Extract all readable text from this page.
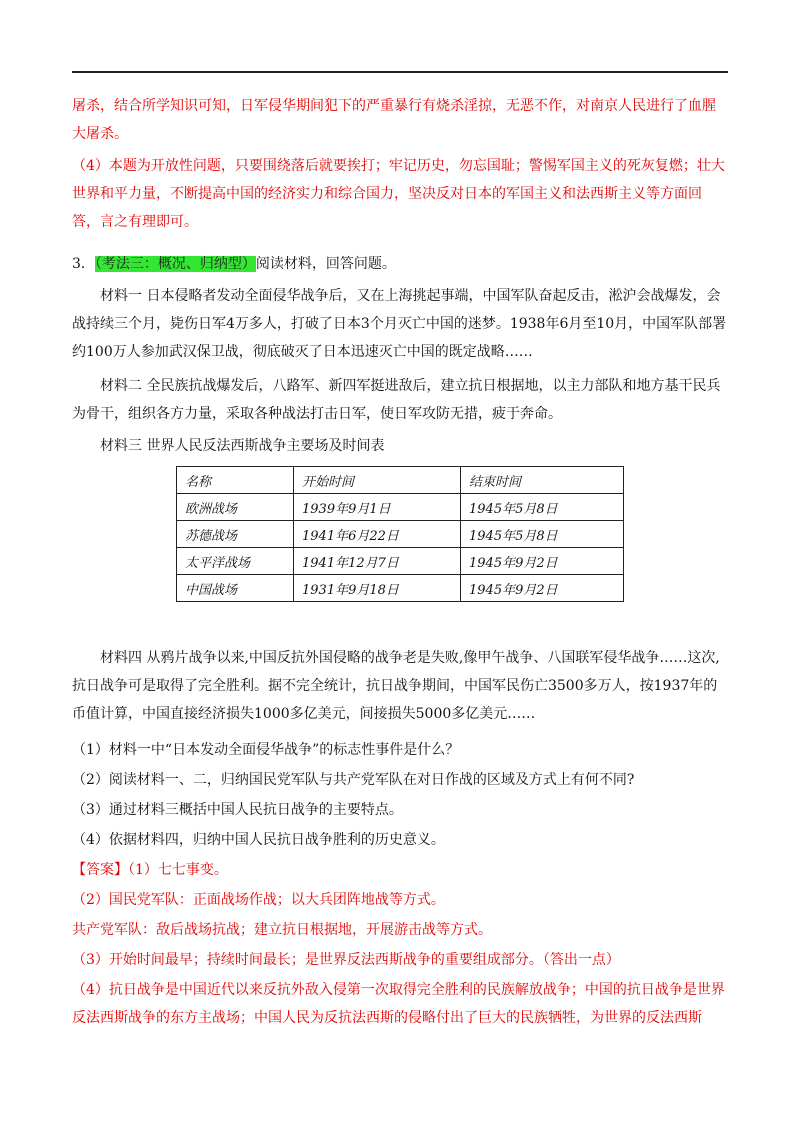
屠杀，结合所学知识可知，日军侵华期间犯下的严重暴行有烧杀淫掠，无恶不作，对南京人民进行了血腥大屠杀。

（4）本题为开放性问题，只要围绕落后就要挨打；牢记历史，勿忘国耻；警惕军国主义的死灰复燃；壮大世界和平力量，不断提高中国的经济实力和综合国力，坚决反对日本的军国主义和法西斯主义等方面回答，言之有理即可。

3．（考法三：概况、归纳型）阅读材料，回答问题。

材料一 日本侵略者发动全面侵华战争后，又在上海挑起事端，中国军队奋起反击，淞沪会战爆发，会战持续三个月，毙伤日军4万多人，打破了日本3个月灭亡中国的迷梦。1938年6月至10月，中国军队部署约100万人参加武汉保卫战，彻底破灭了日本迅速灭亡中国的既定战略……

材料二 全民族抗战爆发后，八路军、新四军挺进敌后，建立抗日根据地，以主力部队和地方基干民兵为骨干，组织各方力量，采取各种战法打击日军，使日军攻防无措，疲于奔命。

材料三 世界人民反法西斯战争主要场及时间表

名称	开始时间	结束时间
欧洲战场	1939年9月1日	1945年5月8日
苏德战场	1941年6月22日	1945年5月8日
太平洋战场	1941年12月7日	1945年9月2日
中国战场	1931年9月18日	1945年9月2日

材料四 从鸦片战争以来,中国反抗外国侵略的战争老是失败,像甲午战争、八国联军侵华战争……这次,抗日战争可是取得了完全胜利。据不完全统计，抗日战争期间，中国军民伤亡3500多万人，按1937年的币值计算，中国直接经济损失1000多亿美元，间接损失5000多亿美元……

（1）材料一中“日本发动全面侵华战争”的标志性事件是什么？

（2）阅读材料一、二，归纳国民党军队与共产党军队在对日作战的区域及方式上有何不同?

（3）通过材料三概括中国人民抗日战争的主要特点。

（4）依据材料四，归纳中国人民抗日战争胜利的历史意义。

【答案】（1）七七事变。

（2）国民党军队：正面战场作战；以大兵团阵地战等方式。

共产党军队：敌后战场抗战；建立抗日根据地，开展游击战等方式。

（3）开始时间最早；持续时间最长；是世界反法西斯战争的重要组成部分。（答出一点）

（4）抗日战争是中国近代以来反抗外敌入侵第一次取得完全胜利的民族解放战争；中国的抗日战争是世界反法西斯战争的东方主战场；中国人民为反抗法西斯的侵略付出了巨大的民族牺牲，为世界的反法西斯
